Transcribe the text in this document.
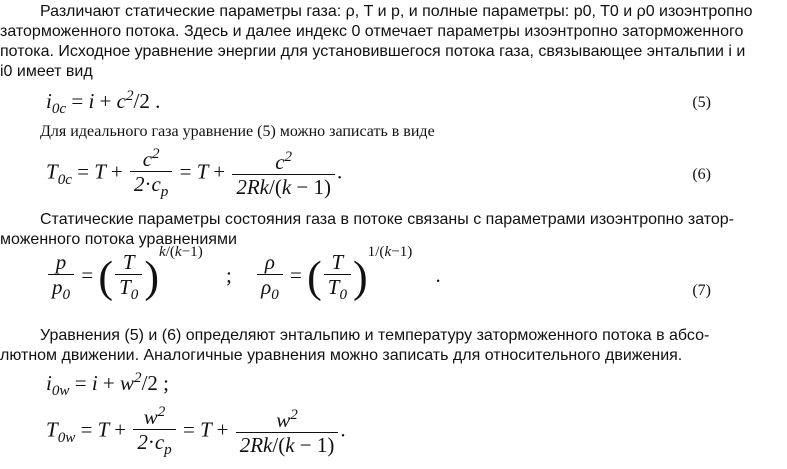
Различают статические параметры газа: ρ, T и p, и полные параметры: p0, T0 и ρ0 изоэнтропно
заторможенного потока. Здесь и далее индекс 0 отмечает параметры изоэнтропно заторможенного
потока. Исходное уравнение энергии для установившегося потока газа, связывающее энтальпии i и
i0 имеет вид
$i_{0c} = i + c^2/2$ .	(5)
Для идеального газа уравнение (5) можно записать в виде
$T_{0c} = T + \frac{c^2}{2\cdot c_p} = T + \frac{c^2}{2Rk/(k - 1)}$ .	(6)
Статические параметры состояния газа в потоке связаны с параметрами изоэнтропно затор-
моженного потока уравнениями
$\frac{p}{p_0}$ = ( $\frac{T}{T_0} )^{k/(k-1)}$ ; $\frac{\rho}{\rho_0}$ = ( $\frac{T}{T_0} )^{1/(k-1)}$ .
(7)
Уравнения (5) и (6) определяют энтальпию и температуру заторможенного потока в абсо-
лютном движении. Аналогичные уравнения можно записать для относительного движения.
$i_{0w} = i + w^2/2$ ;
$T_{0w} = T + \frac{w^2}{2\cdot c_p} = T + \frac{w^2}{2Rk/(k - 1)}$ .
